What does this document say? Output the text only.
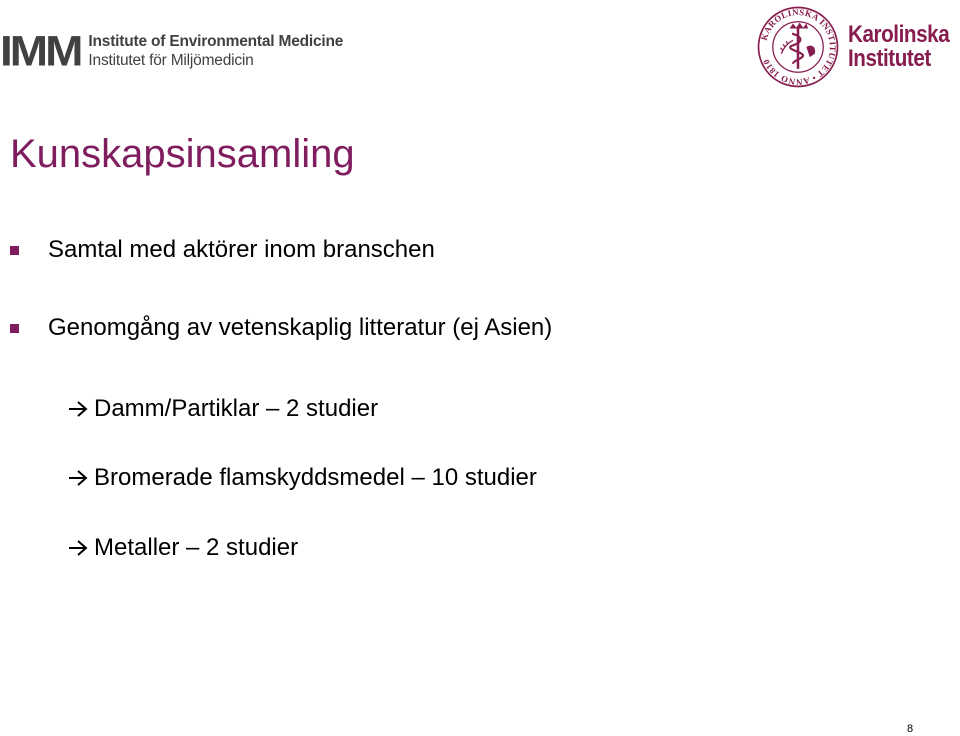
IMM Institute of Environmental Medicine
Institutet för Miljömedicin
KAROLINSKA INSTITUTET • ANNO 1810
Karolinska
Institutet
Kunskapsinsamling
Samtal med aktörer inom branschen
Genomgång av vetenskaplig litteratur (ej Asien)
Damm/Partiklar – 2 studier
Bromerade flamskyddsmedel – 10 studier
Metaller – 2 studier
8
